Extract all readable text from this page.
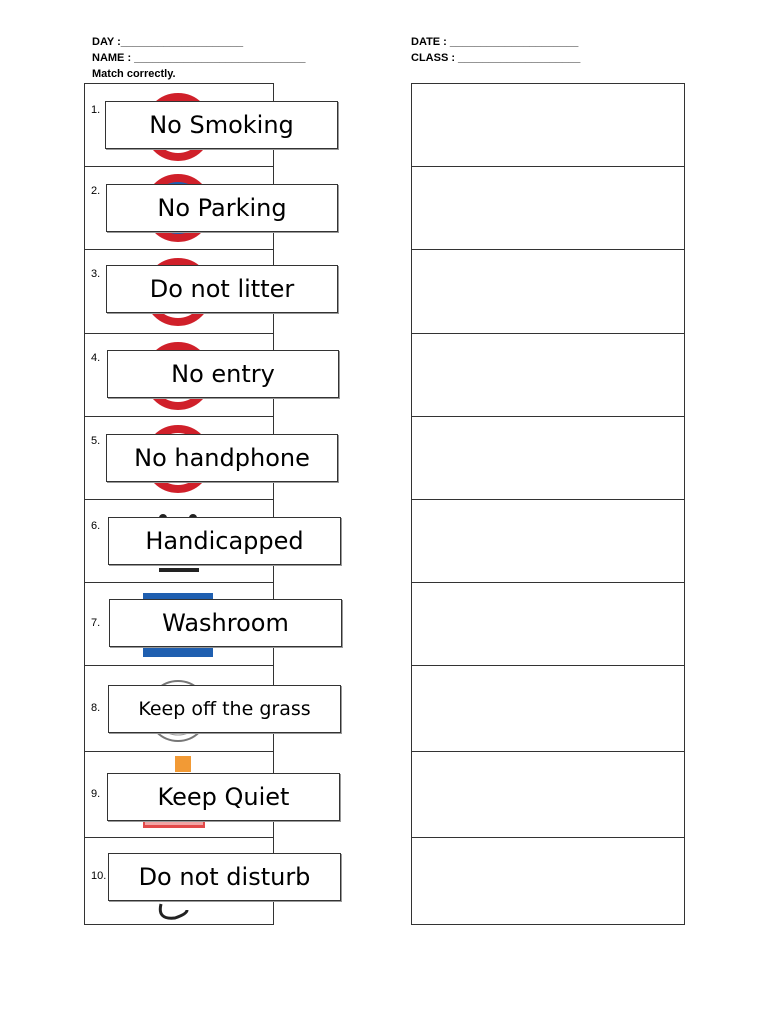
DAY :____________________
NAME : ____________________________
Match correctly.
DATE : _____________________
CLASS : ____________________
1.
2.
3.
4.
5.
6.
7.
8.
9.
10.
No Smoking
No Parking
Do not litter
No entry
No handphone
Handicapped
Washroom
Keep off the grass
Keep Quiet
Do not disturb
